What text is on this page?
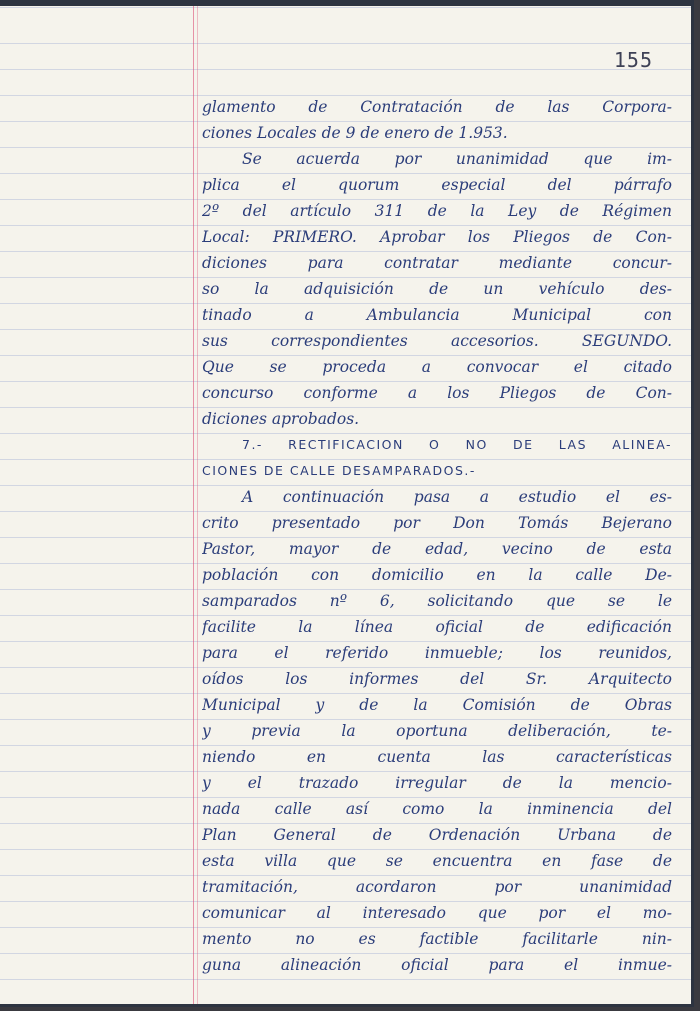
155
glamento de Contratación de las Corpora-
ciones Locales de 9 de enero de 1.953.
Se acuerda por unanimidad que im-
plica el quorum especial del párrafo
2º del artículo 311 de la Ley de Régimen
Local: PRIMERO. Aprobar los Pliegos de Con-
diciones para contratar mediante concur-
so la adquisición de un vehículo des-
tinado a Ambulancia Municipal con
sus correspondientes accesorios. SEGUNDO.
Que se proceda a convocar el citado
concurso conforme a los Pliegos de Con-
diciones aprobados.
7.- RECTIFICACION O NO DE LAS ALINEA-
CIONES DE CALLE DESAMPARADOS.-
A continuación pasa a estudio el es-
crito presentado por Don Tomás Bejerano
Pastor, mayor de edad, vecino de esta
población con domicilio en la calle De-
samparados nº 6, solicitando que se le
facilite la línea oficial de edificación
para el referido inmueble; los reunidos,
oídos los informes del Sr. Arquitecto
Municipal y de la Comisión de Obras
y previa la oportuna deliberación, te-
niendo en cuenta las características
y el trazado irregular de la mencio-
nada calle así como la inminencia del
Plan General de Ordenación Urbana de
esta villa que se encuentra en fase de
tramitación, acordaron por unanimidad
comunicar al interesado que por el mo-
mento no es factible facilitarle nin-
guna alineación oficial para el inmue-
